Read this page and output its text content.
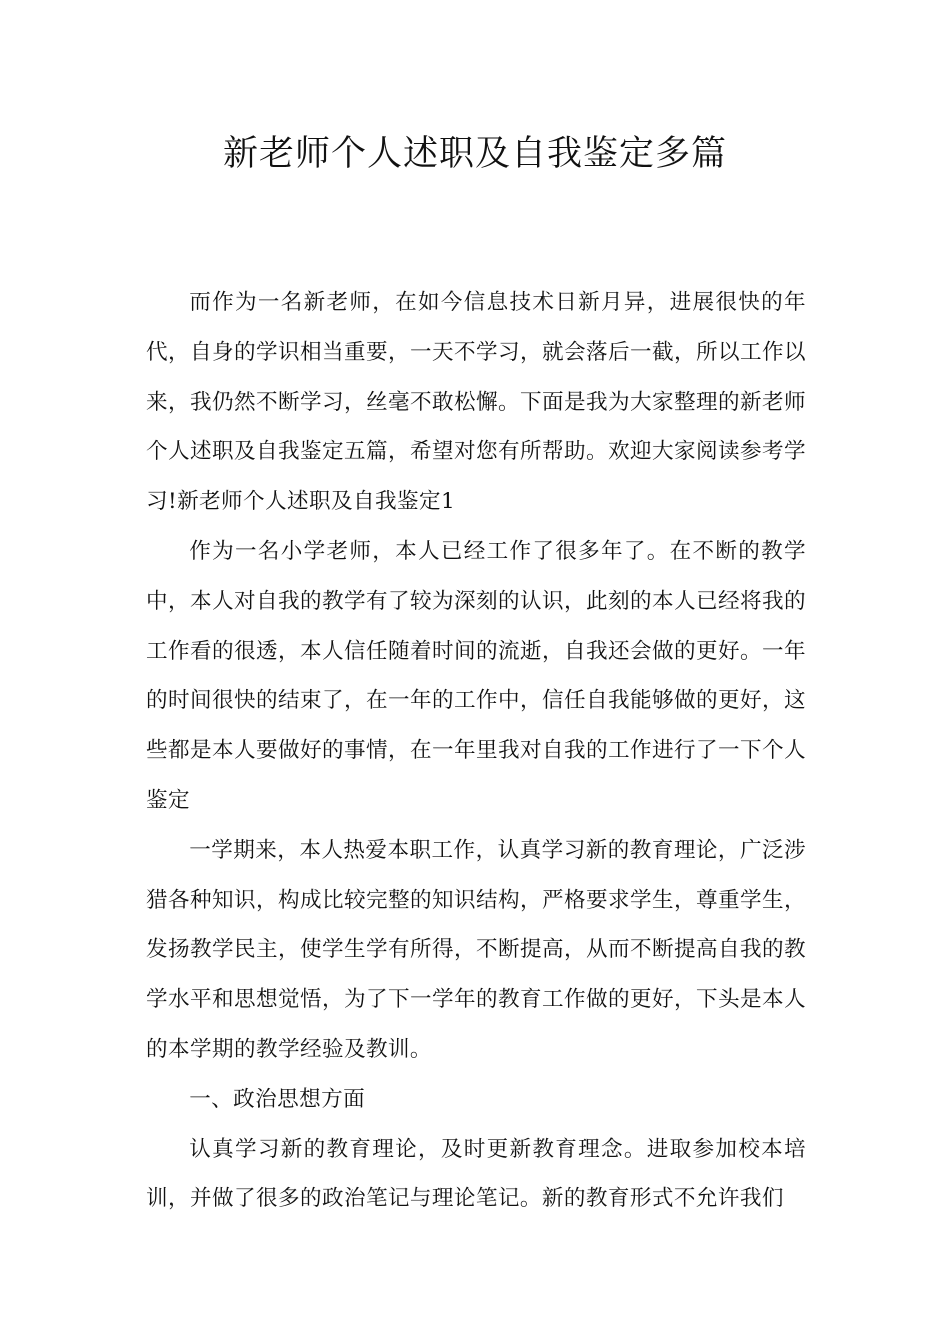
新老师个人述职及自我鉴定多篇

而作为一名新老师，在如今信息技术日新月异，进展很快的年代，自身的学识相当重要，一天不学习，就会落后一截，所以工作以来，我仍然不断学习，丝毫不敢松懈。下面是我为大家整理的新老师个人述职及自我鉴定五篇，希望对您有所帮助。欢迎大家阅读参考学习!新老师个人述职及自我鉴定1

作为一名小学老师，本人已经工作了很多年了。在不断的教学中，本人对自我的教学有了较为深刻的认识，此刻的本人已经将我的工作看的很透，本人信任随着时间的流逝，自我还会做的更好。一年的时间很快的结束了，在一年的工作中，信任自我能够做的更好，这些都是本人要做好的事情，在一年里我对自我的工作进行了一下个人鉴定

一学期来，本人热爱本职工作，认真学习新的教育理论，广泛涉猎各种知识，构成比较完整的知识结构，严格要求学生，尊重学生，发扬教学民主，使学生学有所得，不断提高，从而不断提高自我的教学水平和思想觉悟，为了下一学年的教育工作做的更好，下头是本人的本学期的教学经验及教训。

一、政治思想方面

认真学习新的教育理论，及时更新教育理念。进取参加校本培训，并做了很多的政治笔记与理论笔记。新的教育形式不允许我们
